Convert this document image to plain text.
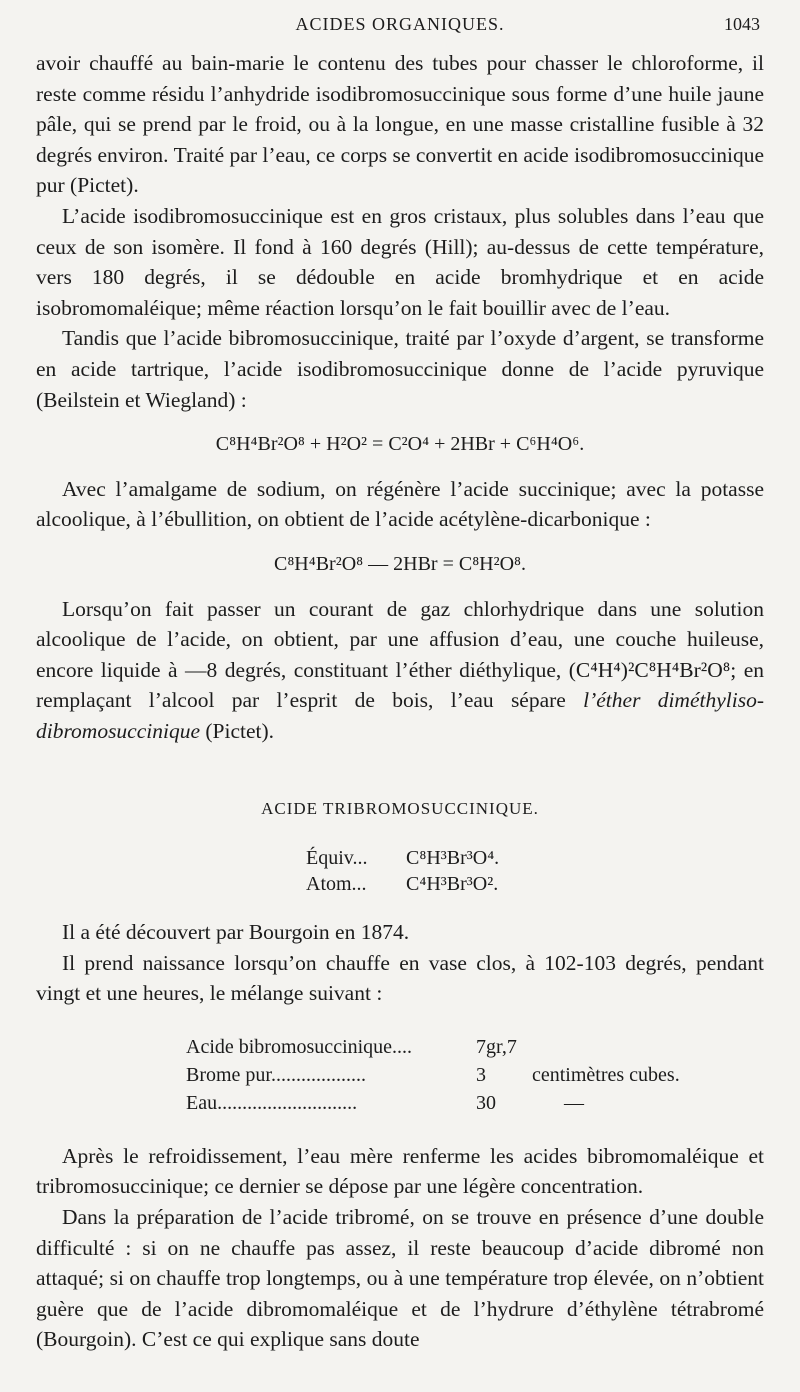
ACIDES ORGANIQUES.	1043

avoir chauffé au bain-marie le contenu des tubes pour chasser le chloroforme, il reste comme résidu l’anhydride isodibromosuccinique sous forme d’une huile jaune pâle, qui se prend par le froid, ou à la longue, en une masse cristalline fusible à 32 degrés environ. Traité par l’eau, ce corps se convertit en acide isodibromosuccinique pur (Pictet).

L’acide isodibromosuccinique est en gros cristaux, plus solubles dans l’eau que ceux de son isomère. Il fond à 160 degrés (Hill); au-dessus de cette température, vers 180 degrés, il se dédouble en acide bromhydrique et en acide isobromomaléique; même réaction lorsqu’on le fait bouillir avec de l’eau.

Tandis que l’acide bibromosuccinique, traité par l’oxyde d’argent, se transforme en acide tartrique, l’acide isodibromosuccinique donne de l’acide pyruvique (Beilstein et Wiegland) :

C⁸H⁴Br²O⁸ + H²O² = C²O⁴ + 2HBr + C⁶H⁴O⁶.

Avec l’amalgame de sodium, on régénère l’acide succinique; avec la potasse alcoolique, à l’ébullition, on obtient de l’acide acétylène-dicarbonique :

C⁸H⁴Br²O⁸ — 2HBr = C⁸H²O⁸.

Lorsqu’on fait passer un courant de gaz chlorhydrique dans une solution alcoolique de l’acide, on obtient, par une affusion d’eau, une couche huileuse, encore liquide à —8 degrés, constituant l’éther diéthylique, (C⁴H⁴)²C⁸H⁴Br²O⁸; en remplaçant l’alcool par l’esprit de bois, l’eau sépare l’éther diméthyliso-dibromosuccinique (Pictet).

ACIDE TRIBROMOSUCCINIQUE.
Équiv...	C⁸H³Br³O⁴.
Atom...	C⁴H³Br³O².

Il a été découvert par Bourgoin en 1874.

Il prend naissance lorsqu’on chauffe en vase clos, à 102-103 degrés, pendant vingt et une heures, le mélange suivant :

Acide bibromosuccinique....	7gr,7
Brome pur...................	3	centimètres cubes.
Eau............................	30	—

Après le refroidissement, l’eau mère renferme les acides bibromomaléique et tribromosuccinique; ce dernier se dépose par une légère concentration.

Dans la préparation de l’acide tribromé, on se trouve en présence d’une double difficulté : si on ne chauffe pas assez, il reste beaucoup d’acide dibromé non attaqué; si on chauffe trop longtemps, ou à une température trop élevée, on n’obtient guère que de l’acide dibromomaléique et de l’hydrure d’éthylène tétrabromé (Bourgoin). C’est ce qui explique sans doute
